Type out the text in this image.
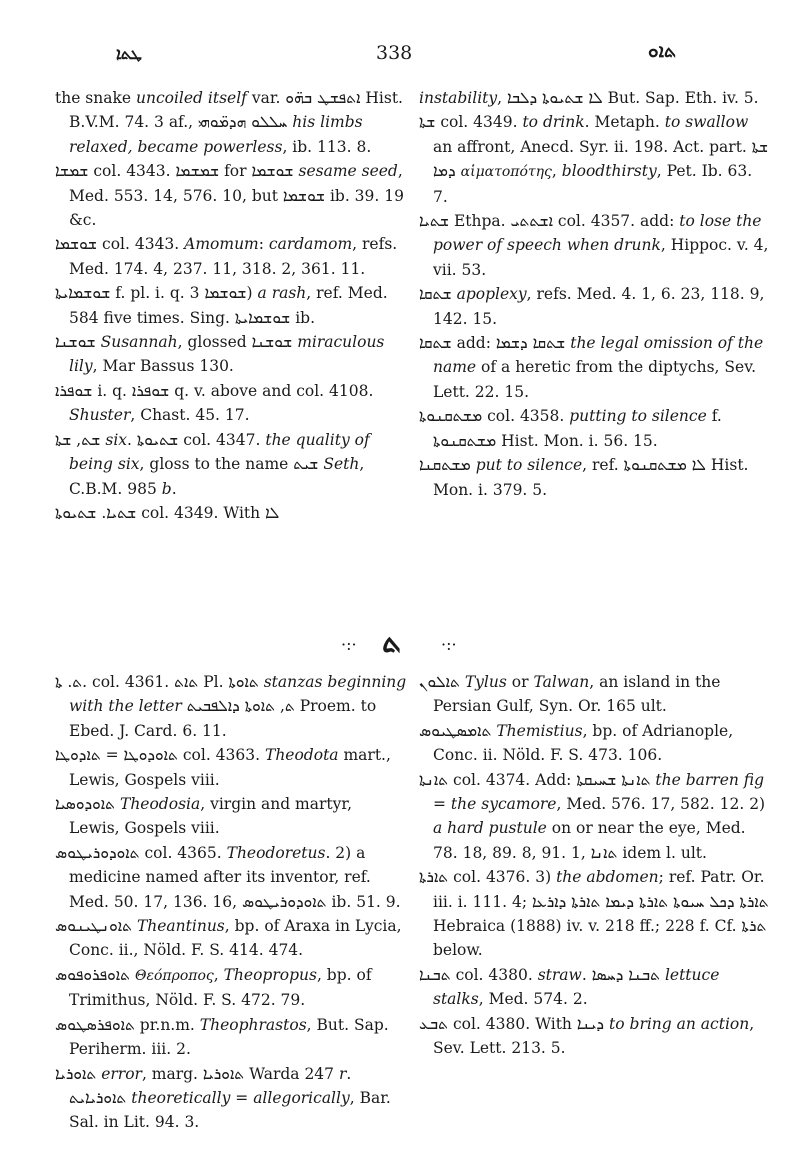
ܛܬܐ	338	ܬܐܘ

the snake uncoiled itself var. ܐܬܦܫܛ ܒܗ̈ܘ Hist. B.V.M. 74. 3 af., ܚܠܠܘ ܗܕܡ̈ܘܗܝ his limbs relaxed, became powerless, ib. 113. 8.

ܫܡܫܐ col. 4343. ܫܡܫܡܐ for ܫܘܫܡܐ sesame seed, Med. 553. 14, 576. 10, but ܫܘܫܡܐ ib. 39. 19 &c.

ܫܘܫܡܐ col. 4343. Amomum: cardamom, refs. Med. 174. 4, 237. 11, 318. 2, 361. 11.

ܫܘܫܡܐܝܬܐ f. pl. i. q. ܫܘܫܡܐ 3) a rash, ref. Med. 584 five times. Sing. ܫܘܫܡܐܝܬܐ ib.

ܫܘܫܢܐ Susannah, glossed ܫܘܫܢܐ miraculous lily, Mar Bassus 130.

ܫܘܦܪܐ i. q. ܫܘܦܪܐ q. v. above and col. 4108. Shuster, Chast. 45. 17.

ܫܬ, ܫܬܐ six. ܫܬܝܘܬܐ col. 4347. the quality of being six, gloss to the name ܫܝܬ Seth, C.B.M. 985 b.

ܫܬܝܐ. ܫܬܝܘܬܐ col. 4349. With ܠܐ

instability, ܠܐ ܫܬܝܘܬܐ ܕܠܒܐ But. Sap. Eth. iv. 5.

ܫܬܐ col. 4349. to drink. Metaph. to swallow an affront, Anecd. Syr. ii. 198. Act. part. ܫܬܐ ܕܡܐ αἱματοπότης, bloodthirsty, Pet. Ib. 63. 7.

ܫܬܝܐ Ethpa. ܐܫܬܬܝ col. 4357. add: to lose the power of speech when drunk, Hippoc. v. 4, vii. 53.

ܫܬܩܐ apoplexy, refs. Med. 4. 1, 6. 23, 118. 9, 142. 15.

ܫܬܩܐ add: ܫܬܩܐ ܕܫܡܐ the legal omission of the name of a heretic from the diptychs, Sev. Lett. 22. 15.

ܡܫܬܩܢܘܬܐ col. 4358. putting to silence f. ܡܫܬܩܢܘܬܐ Hist. Mon. i. 56. 15.

ܡܫܬܩܢܐ put to silence, ref. ܠܐ ܡܫܬܩܢܘܬܐ Hist. Mon. i. 379. 5.

·:· ܬ ·:·

ܬ. ܬܐ. col. 4361. ܬܐܬ Pl. ܬܐܘܬܐ stanzas beginning with the letter ܬ, ܬܐܘܬܐ ܕܐܠܦܒܝܬ Proem. to Ebed. J. Card. 6. 11.

ܬܐܘܕܘܛܐ = ܬܐܕܘܛܐ col. 4363. Theodota mart., Lewis, Gospels viii.

ܬܐܘܕܘܣܝܐ Theodosia, virgin and martyr, Lewis, Gospels viii.

ܬܐܘܕܘܪܝܛܘܣ col. 4365. Theodoretus. 2) a medicine named after its inventor, ref. Med. 50. 17, 136. 16, ܬܐܘܕܘܪܝܛܘܣ ib. 51. 9.

ܬܐܘܢܛܝܢܘܣ Theantinus, bp. of Araxa in Lycia, Conc. ii., Nöld. F. S. 414. 474.

ܬܐܘܦܪܘܦܘܣ Θεόπροπος, Theopropus, bp. of Trimithus, Nöld. F. S. 472. 79.

ܬܐܘܦܪܣܛܘܣ pr.n.m. Theophrastos, But. Sap. Periherm. iii. 2.

ܬܐܘܪܝܐ error, marg. ܬܐܘܪܝܐ Warda 247 r. ܬܐܘܪܝܐܝܬ theoretically = allegorically, Bar. Sal. in Lit. 94. 3.

ܬܐܠܘܢ Tylus or Talwan, an island in the Persian Gulf, Syn. Or. 165 ult.

ܬܐܡܣܛܝܘܣ Themistius, bp. of Adrianople, Conc. ii. Nöld. F. S. 473. 106.

ܬܐܢܬܐ col. 4374. Add: ܬܐܢܬܐ ܫܚܝܩܬܐ the barren fig = the sycamore, Med. 576. 17, 582. 12. 2) a hard pustule on or near the eye, Med. 78. 18, 89. 8, 91. 1, ܬܐܢܐ idem l. ult.

ܬܐܪܬܐ col. 4376. 3) the abdomen; ref. Patr. Or. iii. i. 111. 4; ܬܐܪܬܐ ܕܟܠ ܚܝܘܬܐ ܬܐܪܬܐ ܕܝܡܐ ܬܐܪܬܐ ܕܐܪܥܐ Hebraica (1888) iv. v. 218 ff.; 228 f. Cf. ܬܪܬܐ below.

ܬܒܢܐ col. 4380. straw. ܬܒܢܐ ܕܚܣܐ lettuce stalks, Med. 574. 2.

ܬܒܥ col. 4380. With ܕܝܢܐ to bring an action, Sev. Lett. 213. 5.
